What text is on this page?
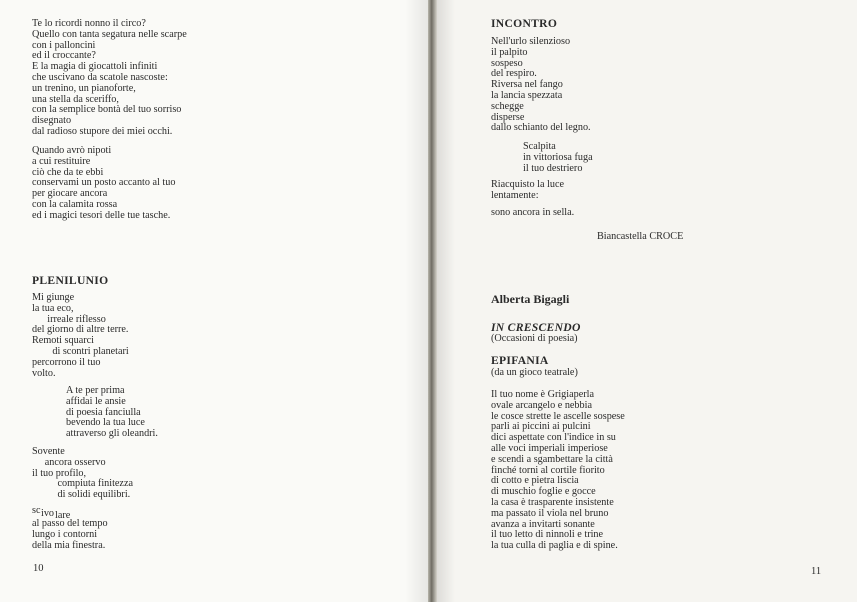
Te lo ricordi nonno il circo?
Quello con tanta segatura nelle scarpe
con i palloncini
ed il croccante?
E la magia di giocattoli infiniti
che uscivano da scatole nascoste:
un trenino, un pianoforte,
una stella da sceriffo,
con la semplice bontà del tuo sorriso
disegnato
dal radioso stupore dei miei occhi.
Quando avrò nipoti
a cui restituire
ciò che da te ebbi
conservami un posto accanto al tuo
per giocare ancora
con la calamita rossa
ed i magici tesori delle tue tasche.
PLENILUNIO
Mi giunge
la tua eco,
irreale riflesso
del giorno di altre terre.
Remoti squarci
di scontri planetari
percorrono il tuo
volto.
A te per prima
affidai le ansie
di poesia fanciulla
bevendo la tua luce
attraverso gli oleandri.
Sovente
ancora osservo
il tuo profilo,
compiuta finitezza
di solidi equilibri.
sc ivo lare
al passo del tempo
lungo i contorni
della mia finestra.
10
INCONTRO
Nell'urlo silenzioso
il palpito
sospeso
del respiro.
Riversa nel fango
la lancia spezzata
schegge
disperse
dallo schianto del legno.
Scalpita
in vittoriosa fuga
il tuo destriero
Riacquisto la luce
lentamente:
sono ancora in sella.
Biancastella CROCE
Alberta Bigagli
IN CRESCENDO
(Occasioni di poesia)
EPIFANIA
(da un gioco teatrale)
Il tuo nome è Grigiaperla
ovale arcangelo e nebbia
le cosce strette le ascelle sospese
parli ai piccini ai pulcini
dici aspettate con l'indice in su
alle voci imperiali imperiose
e scendi a sgambettare la città
finché torni al cortile fiorito
di cotto e pietra liscia
di muschio foglie e gocce
la casa è trasparente insistente
ma passato il viola nel bruno
avanza a invitarti sonante
il tuo letto di ninnoli e trine
la tua culla di paglia e di spine.
11
